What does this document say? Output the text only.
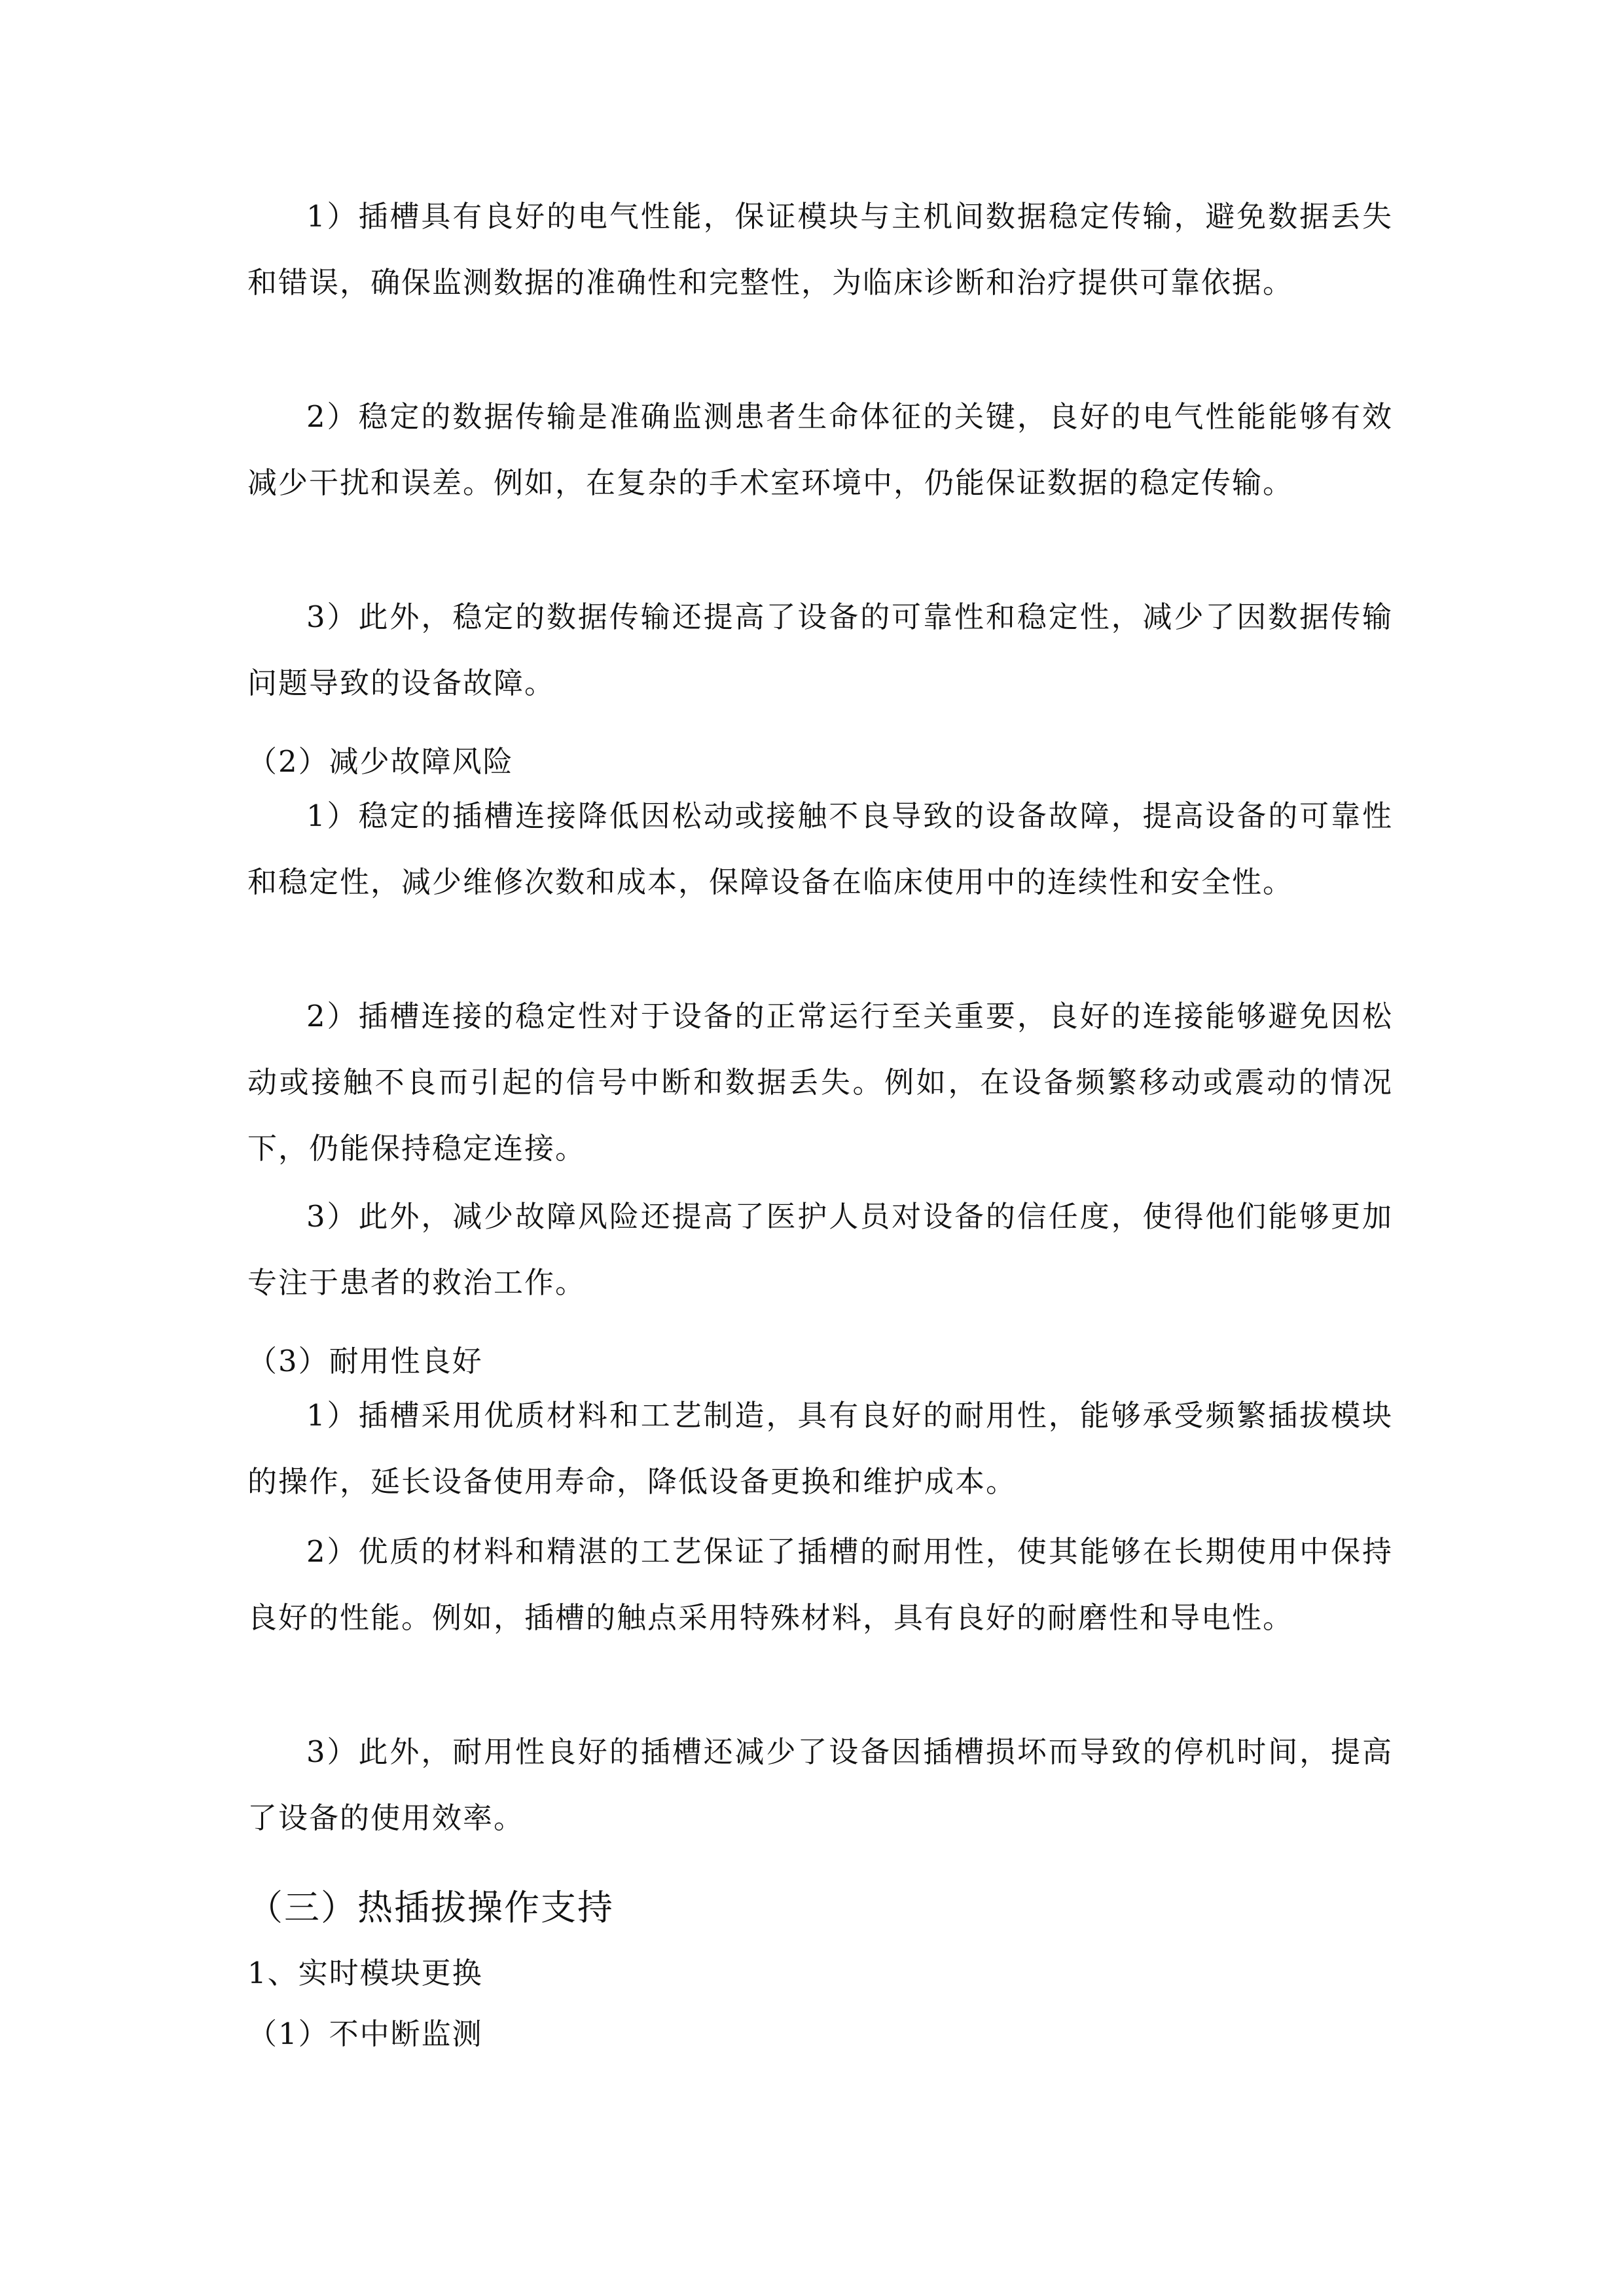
1）插槽具有良好的电气性能，保证模块与主机间数据稳定传输，避免数据丢失和错误，确保监测数据的准确性和完整性，为临床诊断和治疗提供可靠依据。

2）稳定的数据传输是准确监测患者生命体征的关键，良好的电气性能能够有效减少干扰和误差。例如，在复杂的手术室环境中，仍能保证数据的稳定传输。

3）此外，稳定的数据传输还提高了设备的可靠性和稳定性，减少了因数据传输问题导致的设备故障。

（2）减少故障风险

1）稳定的插槽连接降低因松动或接触不良导致的设备故障，提高设备的可靠性和稳定性，减少维修次数和成本，保障设备在临床使用中的连续性和安全性。

2）插槽连接的稳定性对于设备的正常运行至关重要，良好的连接能够避免因松动或接触不良而引起的信号中断和数据丢失。例如，在设备频繁移动或震动的情况下，仍能保持稳定连接。

3）此外，减少故障风险还提高了医护人员对设备的信任度，使得他们能够更加专注于患者的救治工作。

（3）耐用性良好

1）插槽采用优质材料和工艺制造，具有良好的耐用性，能够承受频繁插拔模块的操作，延长设备使用寿命，降低设备更换和维护成本。

2）优质的材料和精湛的工艺保证了插槽的耐用性，使其能够在长期使用中保持良好的性能。例如，插槽的触点采用特殊材料，具有良好的耐磨性和导电性。

3）此外，耐用性良好的插槽还减少了设备因插槽损坏而导致的停机时间，提高了设备的使用效率。

（三）热插拔操作支持

1、实时模块更换

（1）不中断监测
